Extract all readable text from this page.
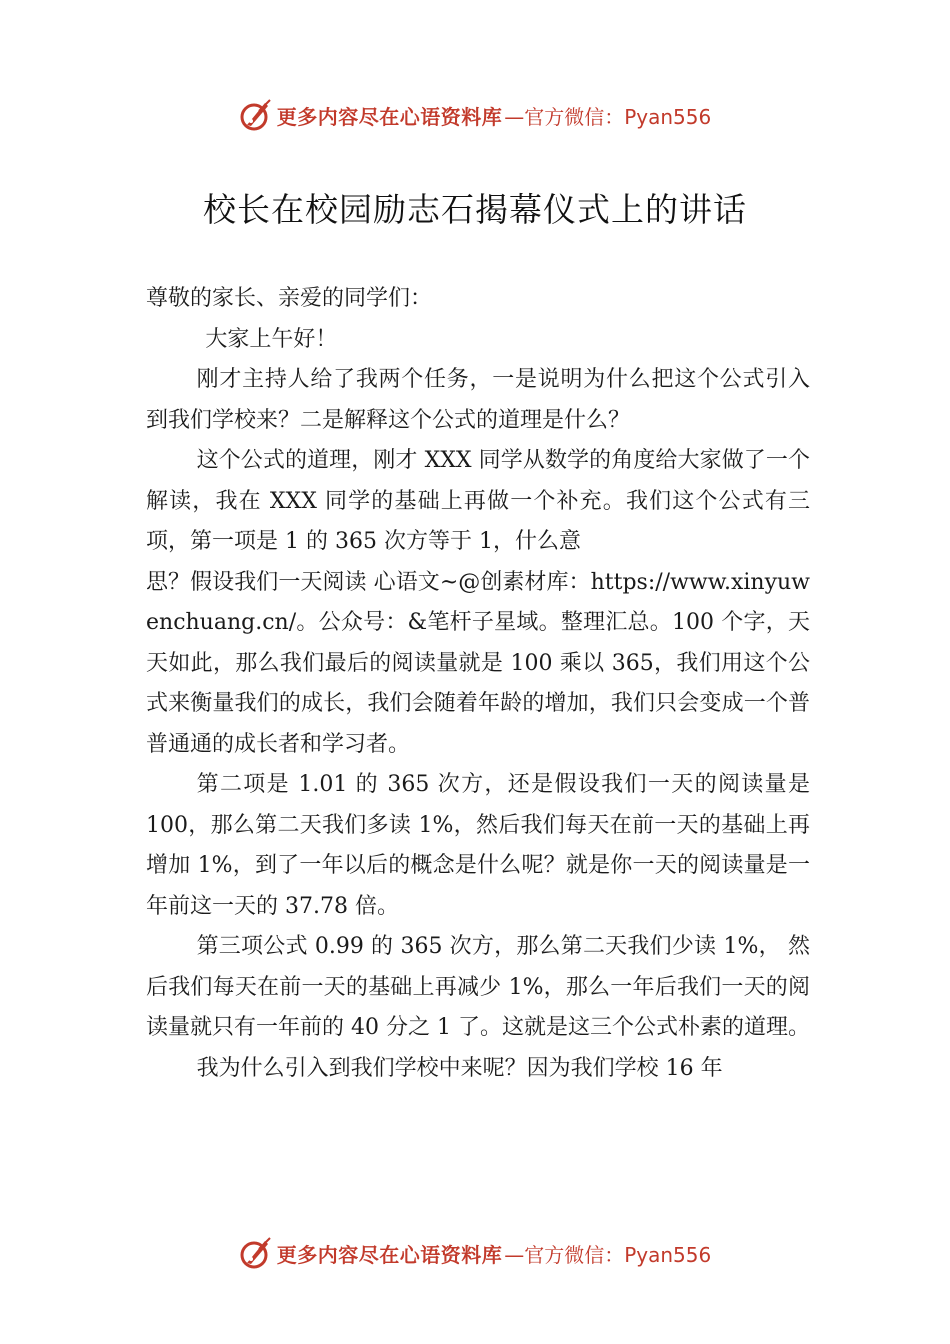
更多内容尽在心语资料库 —官方微信：Pyan556
校长在校园励志石揭幕仪式上的讲话

尊敬的家长、亲爱的同学们：

大家上午好！

刚才主持人给了我两个任务，一是说明为什么把这个公式引入到我们学校来？二是解释这个公式的道理是什么？

这个公式的道理，刚才 XXX 同学从数学的角度给大家做了一个解读，我在 XXX 同学的基础上再做一个补充。我们这个公式有三项，第一项是 1 的 365 次方等于 1，什么意

思？假设我们一天阅读 心语文~@创素材库：https://www.xinyuwenchuang.cn/。公众号：&笔杆子星域。整理汇总。100 个字，天天如此，那么我们最后的阅读量就是 100 乘以 365，我们用这个公式来衡量我们的成长，我们会随着年龄的增加，我们只会变成一个普普通通的成长者和学习者。

第二项是 1.01 的 365 次方，还是假设我们一天的阅读量是 100，那么第二天我们多读 1%，然后我们每天在前一天的基础上再增加 1%，到了一年以后的概念是什么呢？就是你一天的阅读量是一年前这一天的 37.78 倍。

第三项公式 0.99 的 365 次方，那么第二天我们少读 1%， 然后我们每天在前一天的基础上再减少 1%，那么一年后我们一天的阅读量就只有一年前的 40 分之 1 了。这就是这三个公式朴素的道理。

我为什么引入到我们学校中来呢？因为我们学校 16 年

更多内容尽在心语资料库 —官方微信：Pyan556
